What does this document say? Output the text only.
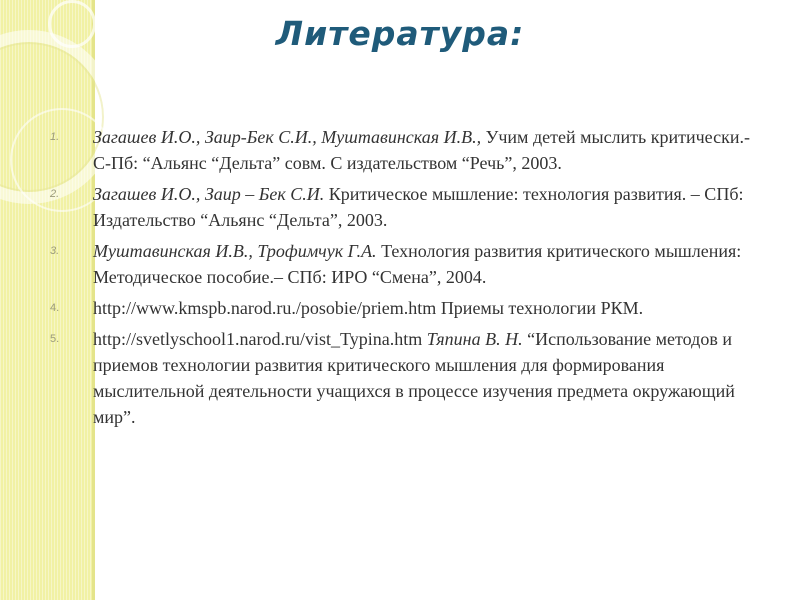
Литература:
1. Загашев И.О., Заир-Бек С.И., Муштавинская И.В., Учим детей мыслить критически.-С-Пб: “Альянс “Дельта” совм. С издательством “Речь”, 2003.
2. Загашев И.О., Заир – Бек С.И. Критическое мышление: технология развития. – СПб: Издательство “Альянс “Дельта”, 2003.
3. Муштавинская И.В., Трофимчук Г.А. Технология развития критического мышления: Методическое пособие.– СПб: ИРО “Смена”, 2004.
4. http://www.kmspb.narod.ru./posobie/priem.htm Приемы технологии РКМ.
5. http://svetlyschool1.narod.ru/vist_Typina.htm Тяпина В. Н. “Использование методов и приемов технологии развития критического мышления для формирования мыслительной деятельности учащихся в процессе изучения предмета окружающий мир”.
